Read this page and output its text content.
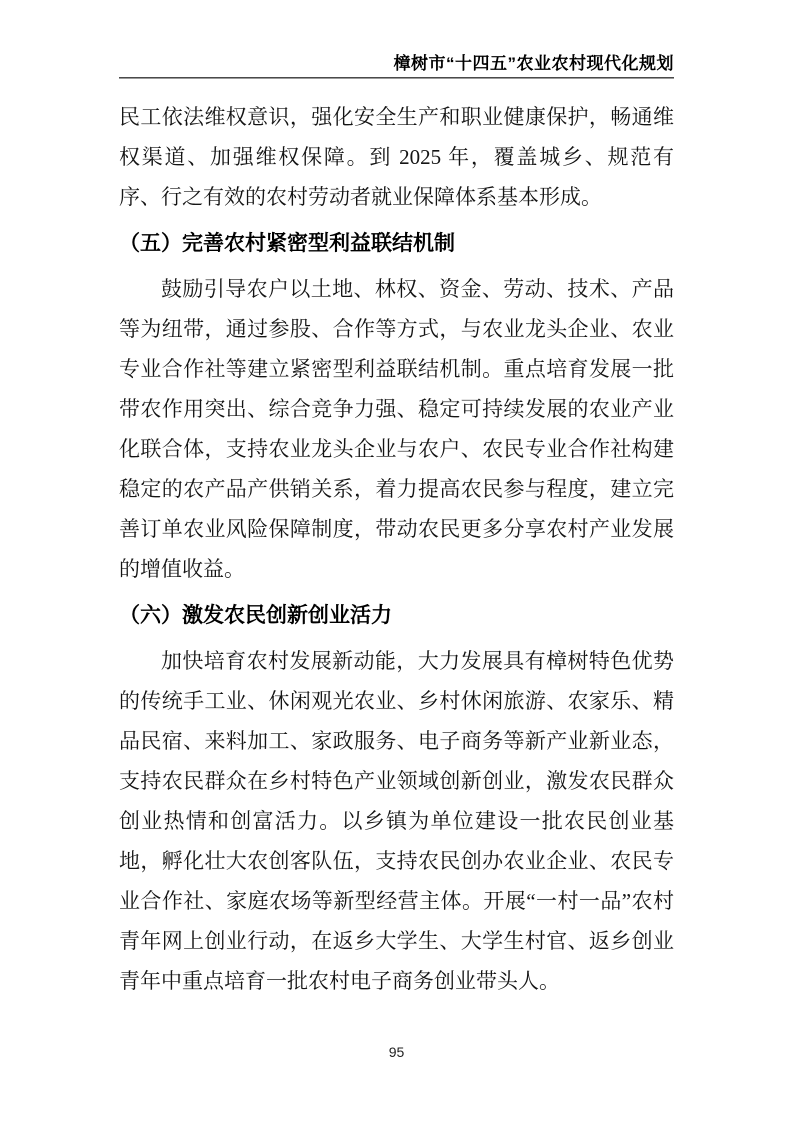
樟树市“十四五”农业农村现代化规划

民工依法维权意识，强化安全生产和职业健康保护，畅通维权渠道、加强维权保障。到 2025 年，覆盖城乡、规范有序、行之有效的农村劳动者就业保障体系基本形成。

（五）完善农村紧密型利益联结机制

鼓励引导农户以土地、林权、资金、劳动、技术、产品等为纽带，通过参股、合作等方式，与农业龙头企业、农业专业合作社等建立紧密型利益联结机制。重点培育发展一批带农作用突出、综合竞争力强、稳定可持续发展的农业产业化联合体，支持农业龙头企业与农户、农民专业合作社构建稳定的农产品产供销关系，着力提高农民参与程度，建立完善订单农业风险保障制度，带动农民更多分享农村产业发展的增值收益。

（六）激发农民创新创业活力

加快培育农村发展新动能，大力发展具有樟树特色优势的传统手工业、休闲观光农业、乡村休闲旅游、农家乐、精品民宿、来料加工、家政服务、电子商务等新产业新业态，支持农民群众在乡村特色产业领域创新创业，激发农民群众创业热情和创富活力。以乡镇为单位建设一批农民创业基地，孵化壮大农创客队伍，支持农民创办农业企业、农民专业合作社、家庭农场等新型经营主体。开展“一村一品”农村青年网上创业行动，在返乡大学生、大学生村官、返乡创业青年中重点培育一批农村电子商务创业带头人。

95
